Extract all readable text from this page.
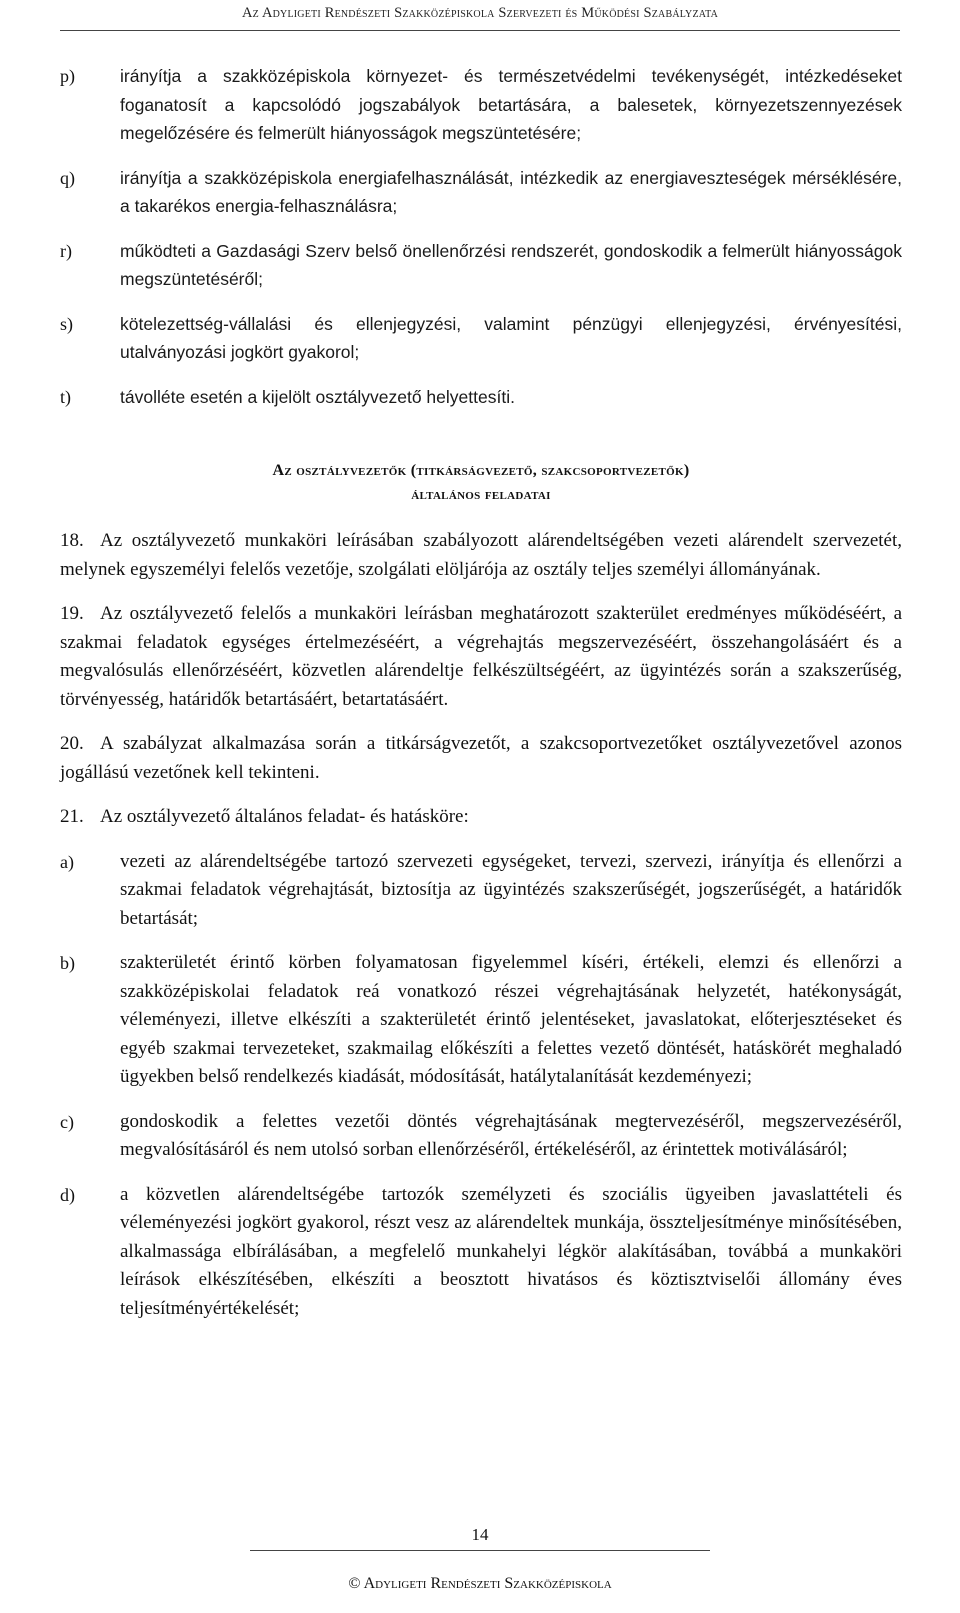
Az Adyligeti Rendészeti Szakközépiskola Szervezeti és Működési Szabályzata
p)	irányítja a szakközépiskola környezet- és természetvédelmi tevékenységét, intézkedéseket foganatosít a kapcsolódó jogszabályok betartására, a balesetek, környezetszennyezések megelőzésére és felmerült hiányosságok megszüntetésére;
q)	irányítja a szakközépiskola energiafelhasználását, intézkedik az energiaveszteségek mérséklésére, a takarékos energia-felhasználásra;
r)	működteti a Gazdasági Szerv belső önellenőrzési rendszerét, gondoskodik a felmerült hiányosságok megszüntetéséről;
s)	kötelezettség-vállalási és ellenjegyzési, valamint pénzügyi ellenjegyzési, érvényesítési, utalványozási jogkört gyakorol;
t)	távolléte esetén a kijelölt osztályvezető helyettesíti.
Az osztályvezetők (titkárságvezető, szakcsoportvezetők)
általános feladatai
18. Az osztályvezető munkaköri leírásában szabályozott alárendeltségében vezeti alárendelt szervezetét, melynek egyszemélyi felelős vezetője, szolgálati elöljárója az osztály teljes személyi állományának.
19. Az osztályvezető felelős a munkaköri leírásban meghatározott szakterület eredményes működéséért, a szakmai feladatok egységes értelmezéséért, a végrehajtás megszervezéséért, összehangolásáért és a megvalósulás ellenőrzéséért, közvetlen alárendeltje felkészültségéért, az ügyintézés során a szakszerűség, törvényesség, határidők betartásáért, betartatásáért.
20. A szabályzat alkalmazása során a titkárságvezetőt, a szakcsoportvezetőket osztályvezetővel azonos jogállású vezetőnek kell tekinteni.
21. Az osztályvezető általános feladat- és hatásköre:
a)	vezeti az alárendeltségébe tartozó szervezeti egységeket, tervezi, szervezi, irányítja és ellenőrzi a szakmai feladatok végrehajtását, biztosítja az ügyintézés szakszerűségét, jogszerűségét, a határidők betartását;
b)	szakterületét érintő körben folyamatosan figyelemmel kíséri, értékeli, elemzi és ellenőrzi a szakközépiskolai feladatok reá vonatkozó részei végrehajtásának helyzetét, hatékonyságát, véleményezi, illetve elkészíti a szakterületét érintő jelentéseket, javaslatokat, előterjesztéseket és egyéb szakmai tervezeteket, szakmailag előkészíti a felettes vezető döntését, hatáskörét meghaladó ügyekben belső rendelkezés kiadását, módosítását, hatálytalanítását kezdeményezi;
c)	gondoskodik a felettes vezetői döntés végrehajtásának megtervezéséről, megszervezéséről, megvalósításáról és nem utolsó sorban ellenőrzéséről, értékeléséről, az érintettek motiválásáról;
d)	a közvetlen alárendeltségébe tartozók személyzeti és szociális ügyeiben javaslattételi és véleményezési jogkört gyakorol, részt vesz az alárendeltek munkája, összteljesítménye minősítésében, alkalmassága elbírálásában, a megfelelő munkahelyi légkör alakításában, továbbá a munkaköri leírások elkészítésében, elkészíti a beosztott hivatásos és köztisztviselői állomány éves teljesítményértékelését;
14
© Adyligeti Rendészeti Szakközépiskola
